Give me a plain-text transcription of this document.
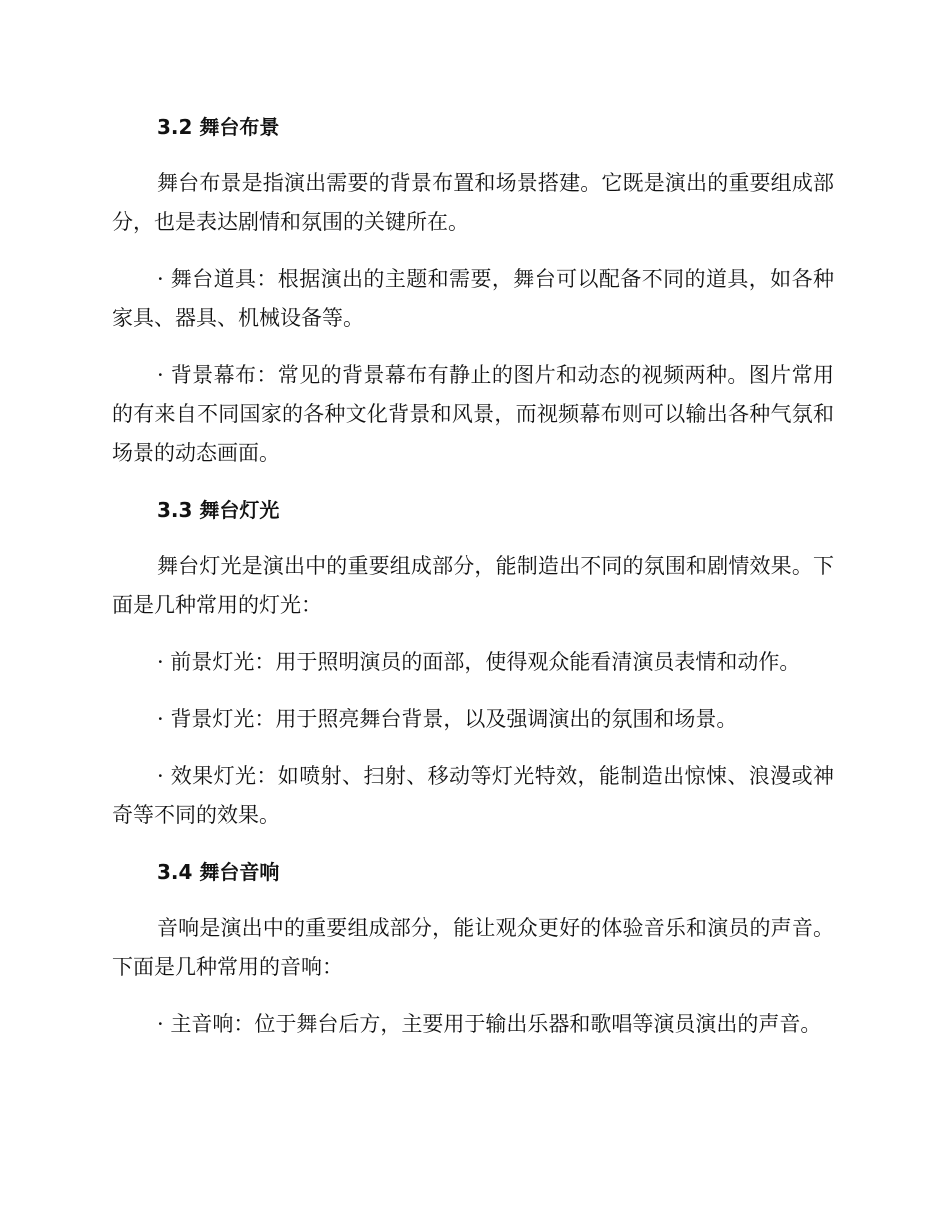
3.2 舞台布景

舞台布景是指演出需要的背景布置和场景搭建。它既是演出的重要组成部分，也是表达剧情和氛围的关键所在。

· 舞台道具：根据演出的主题和需要，舞台可以配备不同的道具，如各种家具、器具、机械设备等。

· 背景幕布：常见的背景幕布有静止的图片和动态的视频两种。图片常用的有来自不同国家的各种文化背景和风景，而视频幕布则可以输出各种气氛和场景的动态画面。

3.3 舞台灯光

舞台灯光是演出中的重要组成部分，能制造出不同的氛围和剧情效果。下面是几种常用的灯光：

· 前景灯光：用于照明演员的面部，使得观众能看清演员表情和动作。

· 背景灯光：用于照亮舞台背景，以及强调演出的氛围和场景。

· 效果灯光：如喷射、扫射、移动等灯光特效，能制造出惊悚、浪漫或神奇等不同的效果。

3.4 舞台音响

音响是演出中的重要组成部分，能让观众更好的体验音乐和演员的声音。下面是几种常用的音响：

· 主音响：位于舞台后方，主要用于输出乐器和歌唱等演员演出的声音。
